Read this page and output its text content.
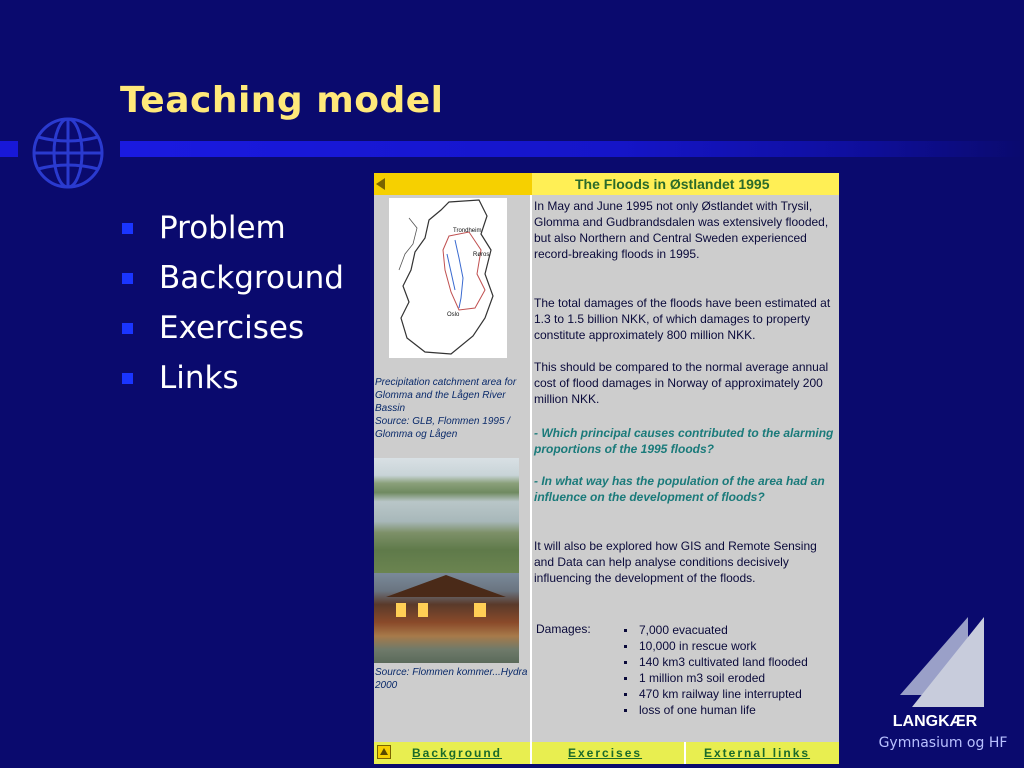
Teaching model
Problem
Background
Exercises
Links
The Floods in Østlandet 1995
Trondheim
Røros
Oslo
Precipitation catchment area for Glomma and the Lågen River Bassin
Source: GLB, Flommen 1995 / Glomma og Lågen
Source: Flommen kommer...Hydra 2000
In May and June 1995 not only Østlandet with Trysil, Glomma and Gudbrandsdalen was extensively flooded, but also Northern and Central Sweden experienced record-breaking floods in 1995.
The total damages of the floods have been estimated at 1.3 to 1.5 billion NKK, of which damages to property constitute approximately 800 million NKK.
This should be compared to the normal average annual cost of flood damages in Norway of approximately 200 million NKK.
- Which principal causes contributed to the alarming proportions of the 1995 floods?
- In what way has the population of the area had an influence on the development of floods?
It will also be explored how GIS and Remote Sensing and Data can help analyse conditions decisively influencing the development of the floods.
Damages:	7,000 evacuated
10,000 in rescue work
140 km3 cultivated land flooded
1 million m3 soil eroded
470 km railway line interrupted
loss of one human life
Background	Exercises	External links
LANGKÆR
Gymnasium og HF
